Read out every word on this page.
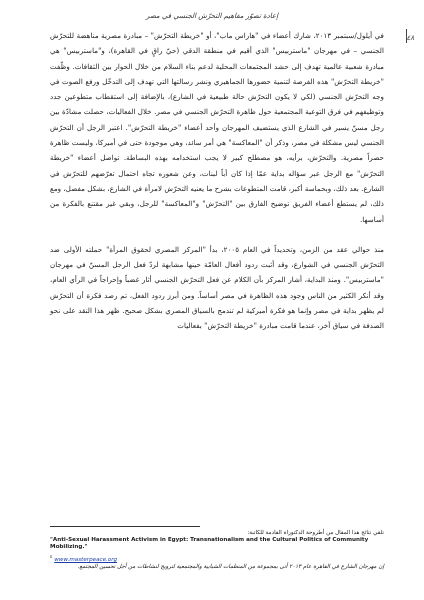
إعادة تصوّر مفاهيم التحرّش الجنسي في مصر
٤٨

في أيلول/سبتمبر ٢٠١٣، شارك أعضاء في "هاراس ماب"، أو "خريطة التحرّش" – مبادرة مصرية مناهضة للتحرّش الجنسي – في مهرجان "ماستربيس" الذي أقيم في منطقة الدقي (حيّ راقٍ في القاهرة)، و"ماستربيس" هي مبادرة شعبية عالمية تهدف إلى حشد المجتمعات المحلية لدعم بناء السلام من خلال الحوار بين الثقافات. وظّفت "خريطة التحرّش" هذه الفرصة لتنمية حضورها الجماهيري ونشر رسالتها التي تهدف إلى التدخّل ورفع الصوت في وجه التحرّش الجنسي (لكي لا يكون التحرّش حالة طبيعية في الشارع)، بالإضافة إلى استقطاب متطوعين جدد وتوظيفهم في فرق التوعية المجتمعية حول ظاهرة التحرّش الجنسي في مصر. خلال الفعاليات، حصلت مشادّة بين رجل مسنّ يسير في الشارع الذي يستضيف المهرجان وأحد أعضاء "خريطة التحرّش". اعتبر الرجل أن التحرّش الجنسي ليس مشكلة في مصر، وذكر أن "المعاكسة" هي أمر سائد، وهي موجودة حتى في أميركا، وليست ظاهرة حصراً مصرية. والتحرّش، برأيه، هو مصطلح كبير لا يجب استخدامه بهذه البساطة. تواصل أعضاء "خريطة التحرّش" مع الرجل عبر سؤاله بداية عمّا إذا كان أباً لبنات، وعن شعوره تجاه احتمال تعرّضهم للتحرّش في الشارع. بعد ذلك، وبحماسة أكبر، قامت المتطوعات بشرح ما يعنيه التحرّش لامرأة في الشارع، بشكل مفصل، ومع ذلك، لم يستطع أعضاء الفريق توضيح الفارق بين "التحرّش" و"المعاكسة" للرجل، وبقي غير مقتنع بالفكرة من أساسها.

منذ حوالي عقد من الزمن، وتحديداً في العام ٢٠٠٥، بدأ "المركز المصري لحقوق المرأة" حملته الأولى ضد التحرّش الجنسي في الشوارع، وقد أثبت ردود أفعال العامّة حينها مشابهة لردّ فعل الرجل المسنّ في مهرجان "ماستربيس". ومنذ البداية، أشار المركز بأن الكلام عن فعل التحرّش الجنسي أثار غضباً وإحراجاً في الرأي العام، وقد أنكر الكثير من الناس وجود هذه الظاهرة في مصر أساساً. ومن أبرز ردود الفعل، تم رصد فكرة أن التحرّش لم يظهر بداية في مصر وإنما هو فكرة أميركية لم تندمج بالسياق المصري بشكل صحيح. ظهر هذا النقد على نحو الصدفة في سياق آخر، عندما قامت مبادرة "خريطة التحرّش" بفعاليات

تلقي نتائج هذا المقال من أطروحة الدكتوراة القادمة للكاتبة:
"Anti-Sexual Harassment Activism in Egypt: Transnationalism and the Cultural Politics of Community Mobilizing."
$^٤$ www.masterpeace.org
إن مهرجان الشارع في القاهرة عام ٢٠١٣ أتى بمجموعة من المنظمات الشبابية والمجتمعية لترويج لنشاطات من أجل تحسين المجتمع.
